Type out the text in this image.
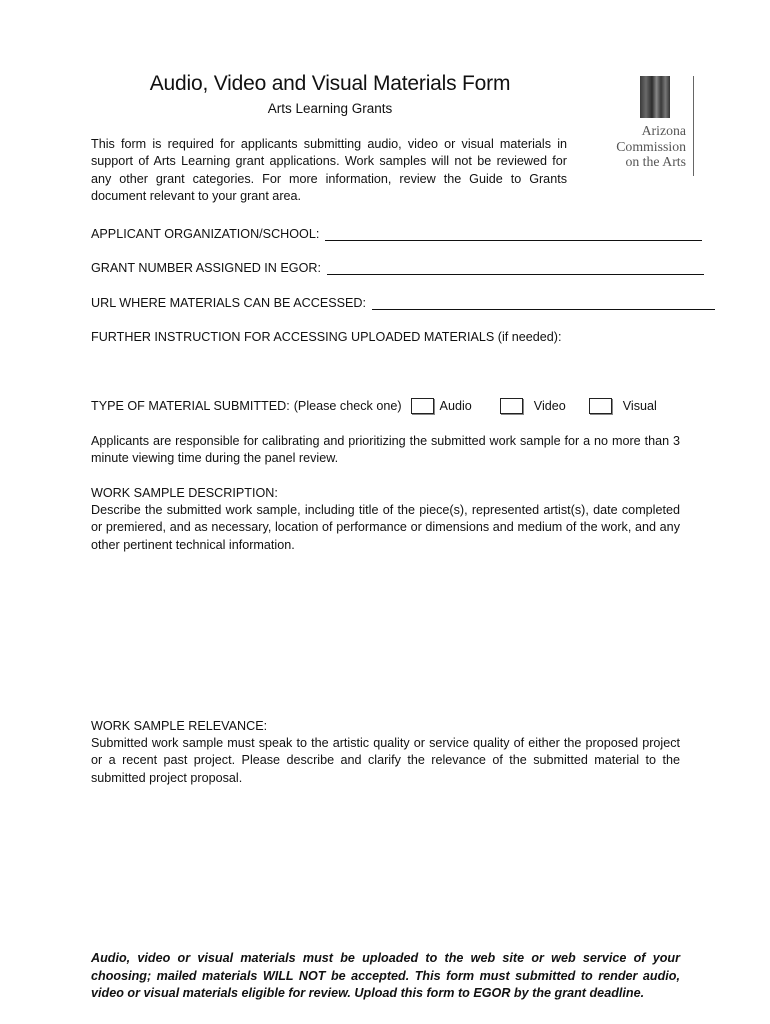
Audio, Video and Visual Materials Form
Arts Learning Grants
Arizona
Commission
on the Arts
This form is required for applicants submitting audio, video or visual materials in support of Arts Learning grant applications. Work samples will not be reviewed for any other grant categories. For more information, review the Guide to Grants document relevant to your grant area.
APPLICANT ORGANIZATION/SCHOOL:
GRANT NUMBER ASSIGNED IN EGOR:
URL WHERE MATERIALS CAN BE ACCESSED:
FURTHER INSTRUCTION FOR ACCESSING UPLOADED MATERIALS (if needed):
TYPE OF MATERIAL SUBMITTED: (Please check one)	Audio	Video	Visual
Applicants are responsible for calibrating and prioritizing the submitted work sample for a no more than 3 minute viewing time during the panel review.
WORK SAMPLE DESCRIPTION:
Describe the submitted work sample, including title of the piece(s), represented artist(s), date completed or premiered, and as necessary, location of performance or dimensions and medium of the work, and any other pertinent technical information.
WORK SAMPLE RELEVANCE:
Submitted work sample must speak to the artistic quality or service quality of either the proposed project or a recent past project. Please describe and clarify the relevance of the submitted material to the submitted project proposal.
Audio, video or visual materials must be uploaded to the web site or web service of your choosing; mailed materials WILL NOT be accepted. This form must submitted to render audio, video or visual materials eligible for review. Upload this form to EGOR by the grant deadline.
